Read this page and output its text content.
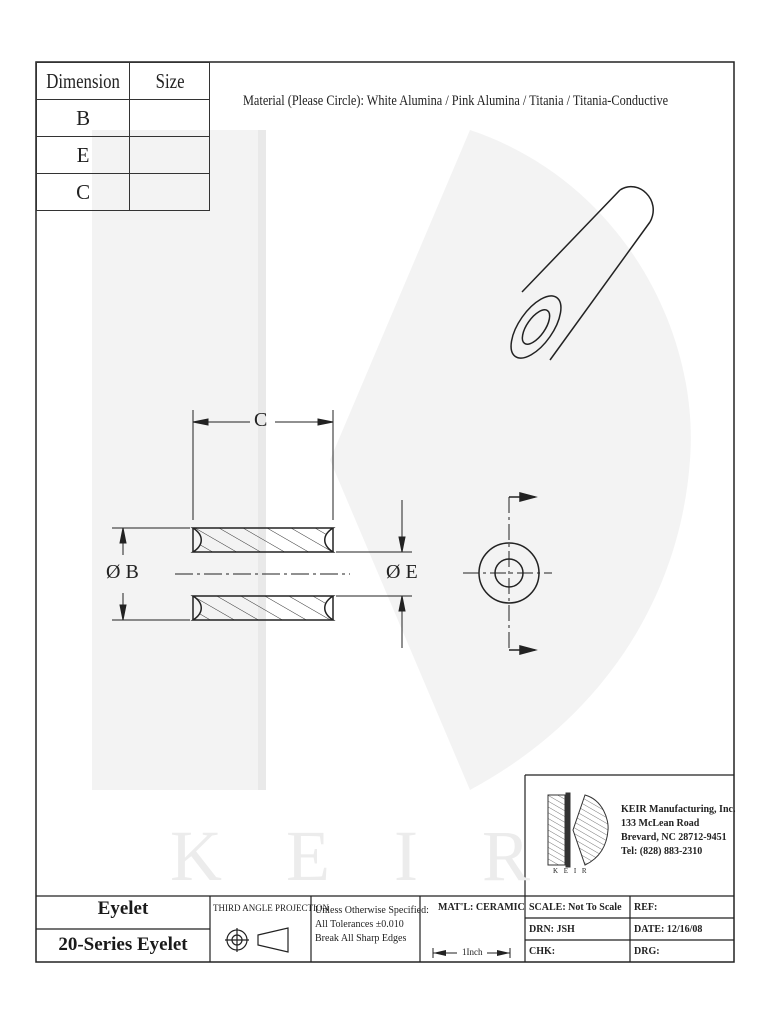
K E I R
Dimension	Size
B	
E	
C	
Material (Please Circle): White Alumina / Pink Alumina / Titania / Titania-Conductive
C
Ø B	Ø E
KEIR Manufacturing, Inc.
133 McLean Road
Brevard, NC 28712-9451
Tel: (828) 883-2310
K E I R
Eyelet
20-Series Eyelet
THIRD ANGLE PROJECTION
Unless Otherwise Specified:
All Tolerances ±0.010
Break All Sharp Edges
MAT'L: CERAMIC
1Inch
SCALE: Not To Scale REF:
DRN: JSH	DATE: 12/16/08
CHK:	DRG:
